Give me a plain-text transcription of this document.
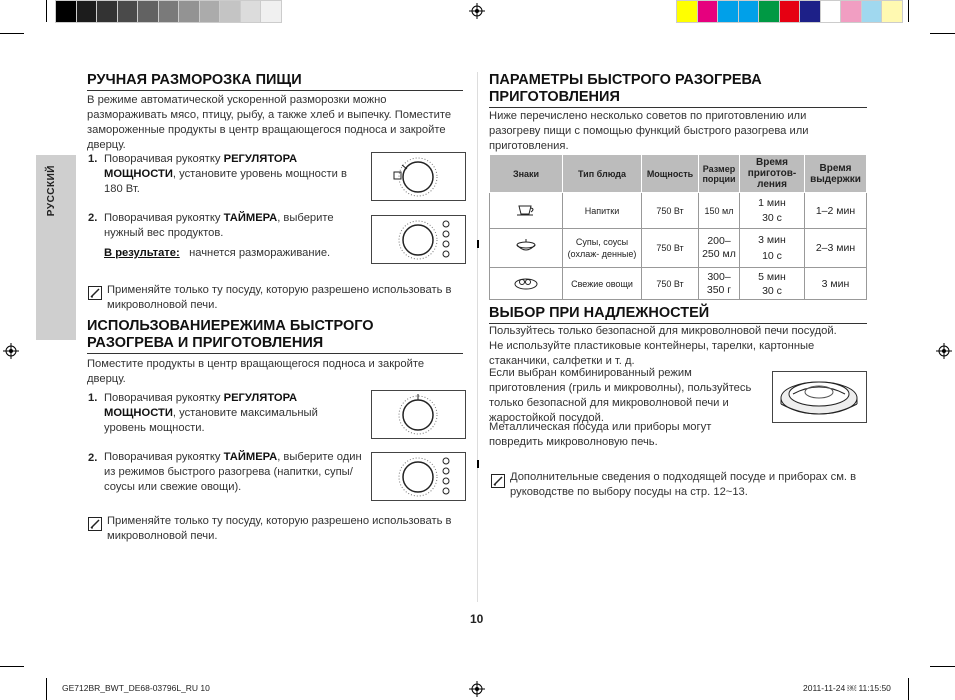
РУССКИЙ
РУЧНАЯ РАЗМОРОЗКА ПИЩИ
В режиме автоматической ускоренной разморозки можно
размораживать мясо, птицу, рыбу, а также хлеб и выпечку. Поместите
замороженные продукты в центр вращающегося подноса и закройте
дверцу.
1. Поворачивая рукоятку РЕГУЛЯТОРА
МОЩНОСТИ, установите уровень мощности в
180 Вт.
2. Поворачивая рукоятку ТАЙМЕРА, выберите
нужный вес продуктов.
В результате: начнется размораживание.
Применяйте только ту посуду, которую разрешено использовать в
микроволновой печи.
ИСПОЛЬЗОВАНИЕРЕЖИМА БЫСТРОГО
РАЗОГРЕВА И ПРИГОТОВЛЕНИЯ
Поместите продукты в центр вращающегося подноса и закройте
дверцу.
1. Поворачивая рукоятку РЕГУЛЯТОРА
МОЩНОСТИ, установите максимальный
уровень мощности.
2. Поворачивая рукоятку ТАЙМЕРА, выберите один
из режимов быстрого разогрева (напитки, супы/
соусы или свежие овощи).
Применяйте только ту посуду, которую разрешено использовать в
микроволновой печи.
ПАРАМЕТРЫ БЫСТРОГО РАЗОГРЕВА
ПРИГОТОВЛЕНИЯ
Ниже перечислено несколько советов по приготовлению или
разогреву пищи с помощью функций быстрого разогрева или
приготовления.
Знаки	Тип блюда	Мощность	Размер порции	Время приготов-ления	Время выдержки
	Напитки	750 Вт	150 мл	1 мин
30 с	1–2 мин
	Супы, соусы (охлаж- денные)	750 Вт	200–250 мл	3 мин
10 с	2–3 мин
	Свежие овощи	750 Вт	300–350 г	5 мин
30 с	3 мин
ВЫБОР ПРИ НАДЛЕЖНОСТЕЙ
Пользуйтесь только безопасной для микроволновой печи посудой.
Не используйте пластиковые контейнеры, тарелки, картонные
стаканчики, салфетки и т. д.
Если выбран комбинированный режим
приготовления (гриль и микроволны), пользуйтесь
только безопасной для микроволновой печи и
жаростойкой посудой.
Металлическая посуда или приборы могут
повредить микроволновую печь.
Дополнительные сведения о подходящей посуде и приборах см. в
руководстве по выбору посуды на стр. 12~13.
10
GE712BR_BWT_DE68-03796L_RU 10	2011-11-24 ￼ 11:15:50
